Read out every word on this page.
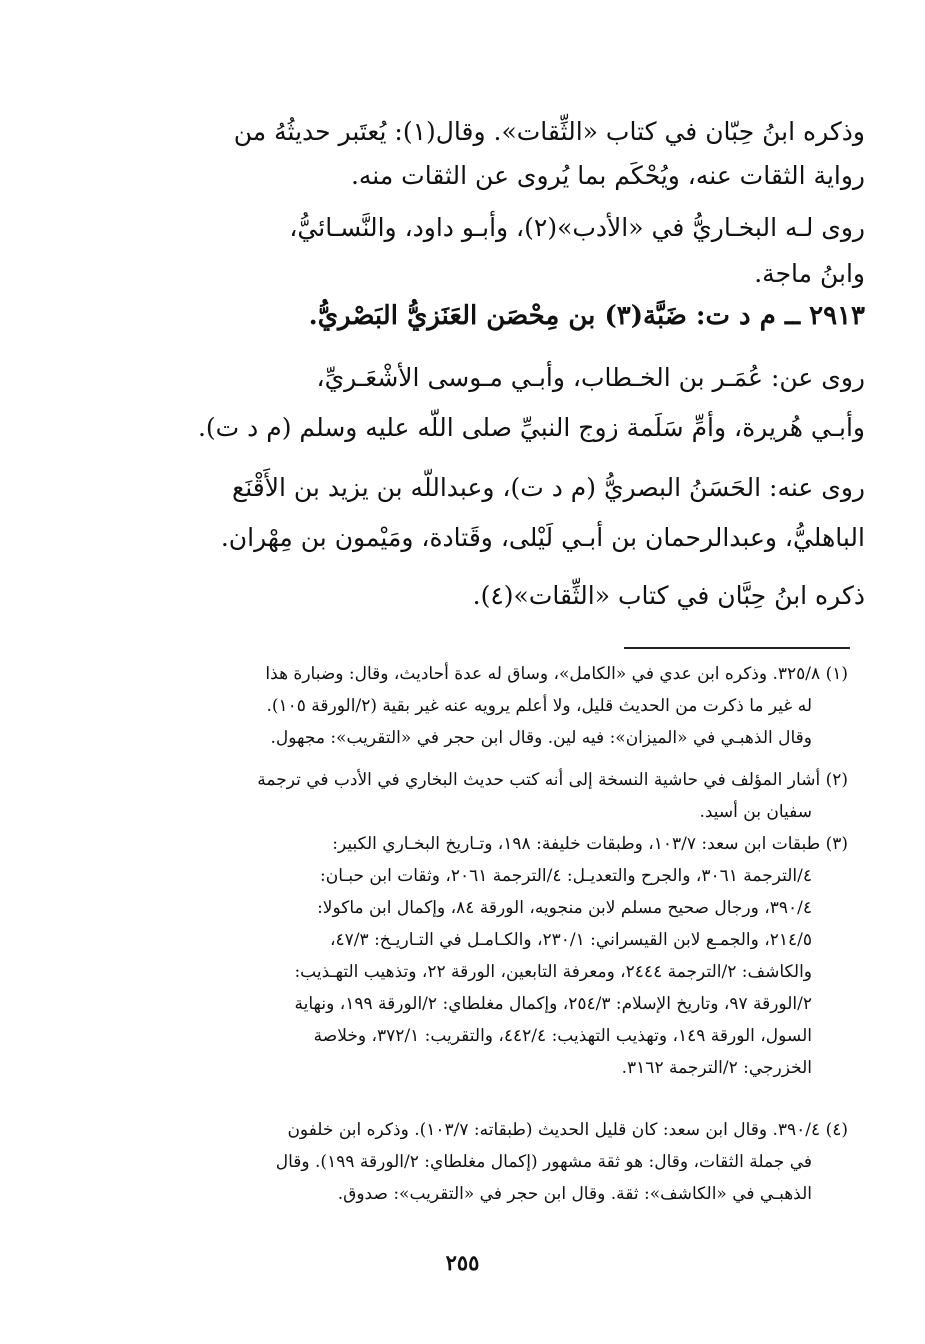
وذكره ابنُ حِبّان في كتاب «الثِّقات». وقال(١): يُعتَبر حديثُهُ من
رواية الثقات عنه، ويُحْكَم بما يُروى عن الثقات منه.
روى لـه البخـاريُّ في «الأدب»(٢)، وأبـو داود، والنَّسـائيُّ،
وابنُ ماجة.
٢٩١٣ ــ م د ت: ضَبَّة(٣) بن مِحْصَن العَنَزيُّ البَصْريُّ.
روى عن: عُمَـر بن الخـطاب، وأبـي مـوسى الأشْعَـريِّ،
وأبـي هُريرة، وأمِّ سَلَمة زوج النبيِّ صلى اللّه عليه وسلم (م د ت).
روى عنه: الحَسَنُ البصريُّ (م د ت)، وعبداللّه بن يزيد بن الأَقْنَع
الباهليُّ، وعبدالرحمان بن أبـي لَيْلى، وقَتادة، ومَيْمون بن مِهْران.
ذكره ابنُ حِبَّان في كتاب «الثِّقات»(٤).
(١) ٣٢٥/٨. وذكره ابن عدي في «الكامل»، وساق له عدة أحاديث، وقال: وضبارة هذا
له غير ما ذكرت من الحديث قليل، ولا أعلم يرويه عنه غير بقية (٢/الورقة ١٠٥).
وقال الذهبـي في «الميزان»: فيه لين. وقال ابن حجر في «التقريب»: مجهول.
(٢) أشار المؤلف في حاشية النسخة إلى أنه كتب حديث البخاري في الأدب في ترجمة
سفيان بن أسيد.
(٣) طبقات ابن سعد: ١٠٣/٧، وطبقات خليفة: ١٩٨، وتـاريخ البخـاري الكبير:
٤/الترجمة ٣٠٦١، والجرح والتعديـل: ٤/الترجمة ٢٠٦١، وثقات ابن حبـان:
٣٩٠/٤، ورجال صحيح مسلم لابن منجويه، الورقة ٨٤، وإكمال ابن ماكولا:
٢١٤/٥، والجمـع لابن القيسراني: ٢٣٠/١، والكـامـل في التـاريـخ: ٤٧/٣،
والكاشف: ٢/الترجمة ٢٤٤٤، ومعرفة التابعين، الورقة ٢٢، وتذهيب التهـذيب:
٢/الورقة ٩٧، وتاريخ الإسلام: ٢٥٤/٣، وإكمال مغلطاي: ٢/الورقة ١٩٩، ونهاية
السول، الورقة ١٤٩، وتهذيب التهذيب: ٤٤٢/٤، والتقريب: ٣٧٢/١، وخلاصة
الخزرجي: ٢/الترجمة ٣١٦٢.
(٤) ٣٩٠/٤. وقال ابن سعد: كان قليل الحديث (طبقاته: ١٠٣/٧). وذكره ابن خلفون
في جملة الثقات، وقال: هو ثقة مشهور (إكمال مغلطاي: ٢/الورقة ١٩٩). وقال
الذهبـي في «الكاشف»: ثقة. وقال ابن حجر في «التقريب»: صدوق.
٢٥٥
